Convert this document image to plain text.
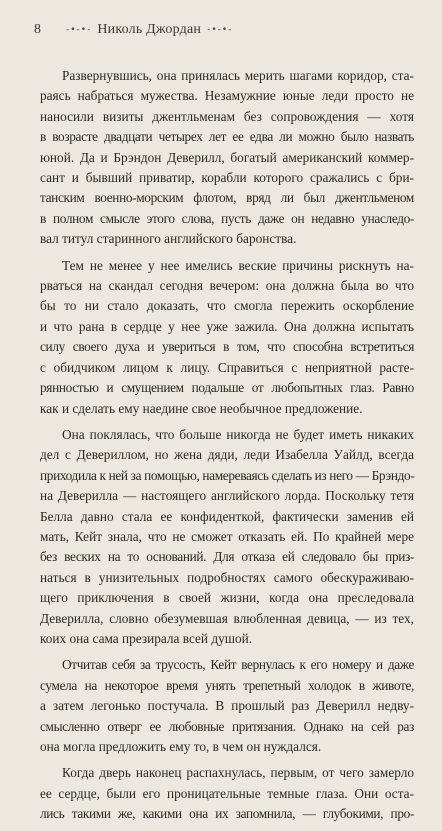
8	-•-•- Николь Джордан -•-•-

Развернувшись, она принялась мерить шагами коридор, ста-
раясь набраться мужества. Незамужние юные леди просто не
наносили визиты джентльменам без сопровождения — хотя
в возрасте двадцати четырех лет ее едва ли можно было назвать
юной. Да и Брэндон Деверилл, богатый американский коммер-
сант и бывший приватир, корабли которого сражались с бри-
танским военно-морским флотом, вряд ли был джентльменом
в полном смысле этого слова, пусть даже он недавно унаследо-
вал титул старинного английского баронства.

Тем не менее у нее имелись веские причины рискнуть на-
рваться на скандал сегодня вечером: она должна была во что
бы то ни стало доказать, что смогла пережить оскорбление
и что рана в сердце у нее уже зажила. Она должна испытать
силу своего духа и увериться в том, что способна встретиться
с обидчиком лицом к лицу. Справиться с неприятной расте-
рянностью и смущением подальше от любопытных глаз. Равно
как и сделать ему наедине свое необычное предложение.

Она поклялась, что больше никогда не будет иметь никаких
дел с Девериллом, но жена дяди, леди Изабелла Уайлд, всегда
приходила к ней за помощью, намереваясь сделать из него — Брэндо-
на Деверилла — настоящего английского лорда. Поскольку тетя
Белла давно стала ее конфиденткой, фактически заменив ей
мать, Кейт знала, что не сможет отказать ей. По крайней мере
без веских на то оснований. Для отказа ей следовало бы приз-
наться в унизительных подробностях самого обескураживаю-
щего приключения в своей жизни, когда она преследовала
Деверилла, словно обезумевшая влюбленная девица, — из тех,
коих она сама презирала всей душой.

Отчитав себя за трусость, Кейт вернулась к его номеру и даже
сумела на некоторое время унять трепетный холодок в животе,
а затем легонько постучала. В прошлый раз Деверилл недву-
смысленно отверг ее любовные притязания. Однако на сей раз
она могла предложить ему то, в чем он нуждался.

Когда дверь наконец распахнулась, первым, от чего замерло
ее сердце, были его проницательные темные глаза. Они оста-
лись такими же, какими она их запомнила, — глубокими, про-
